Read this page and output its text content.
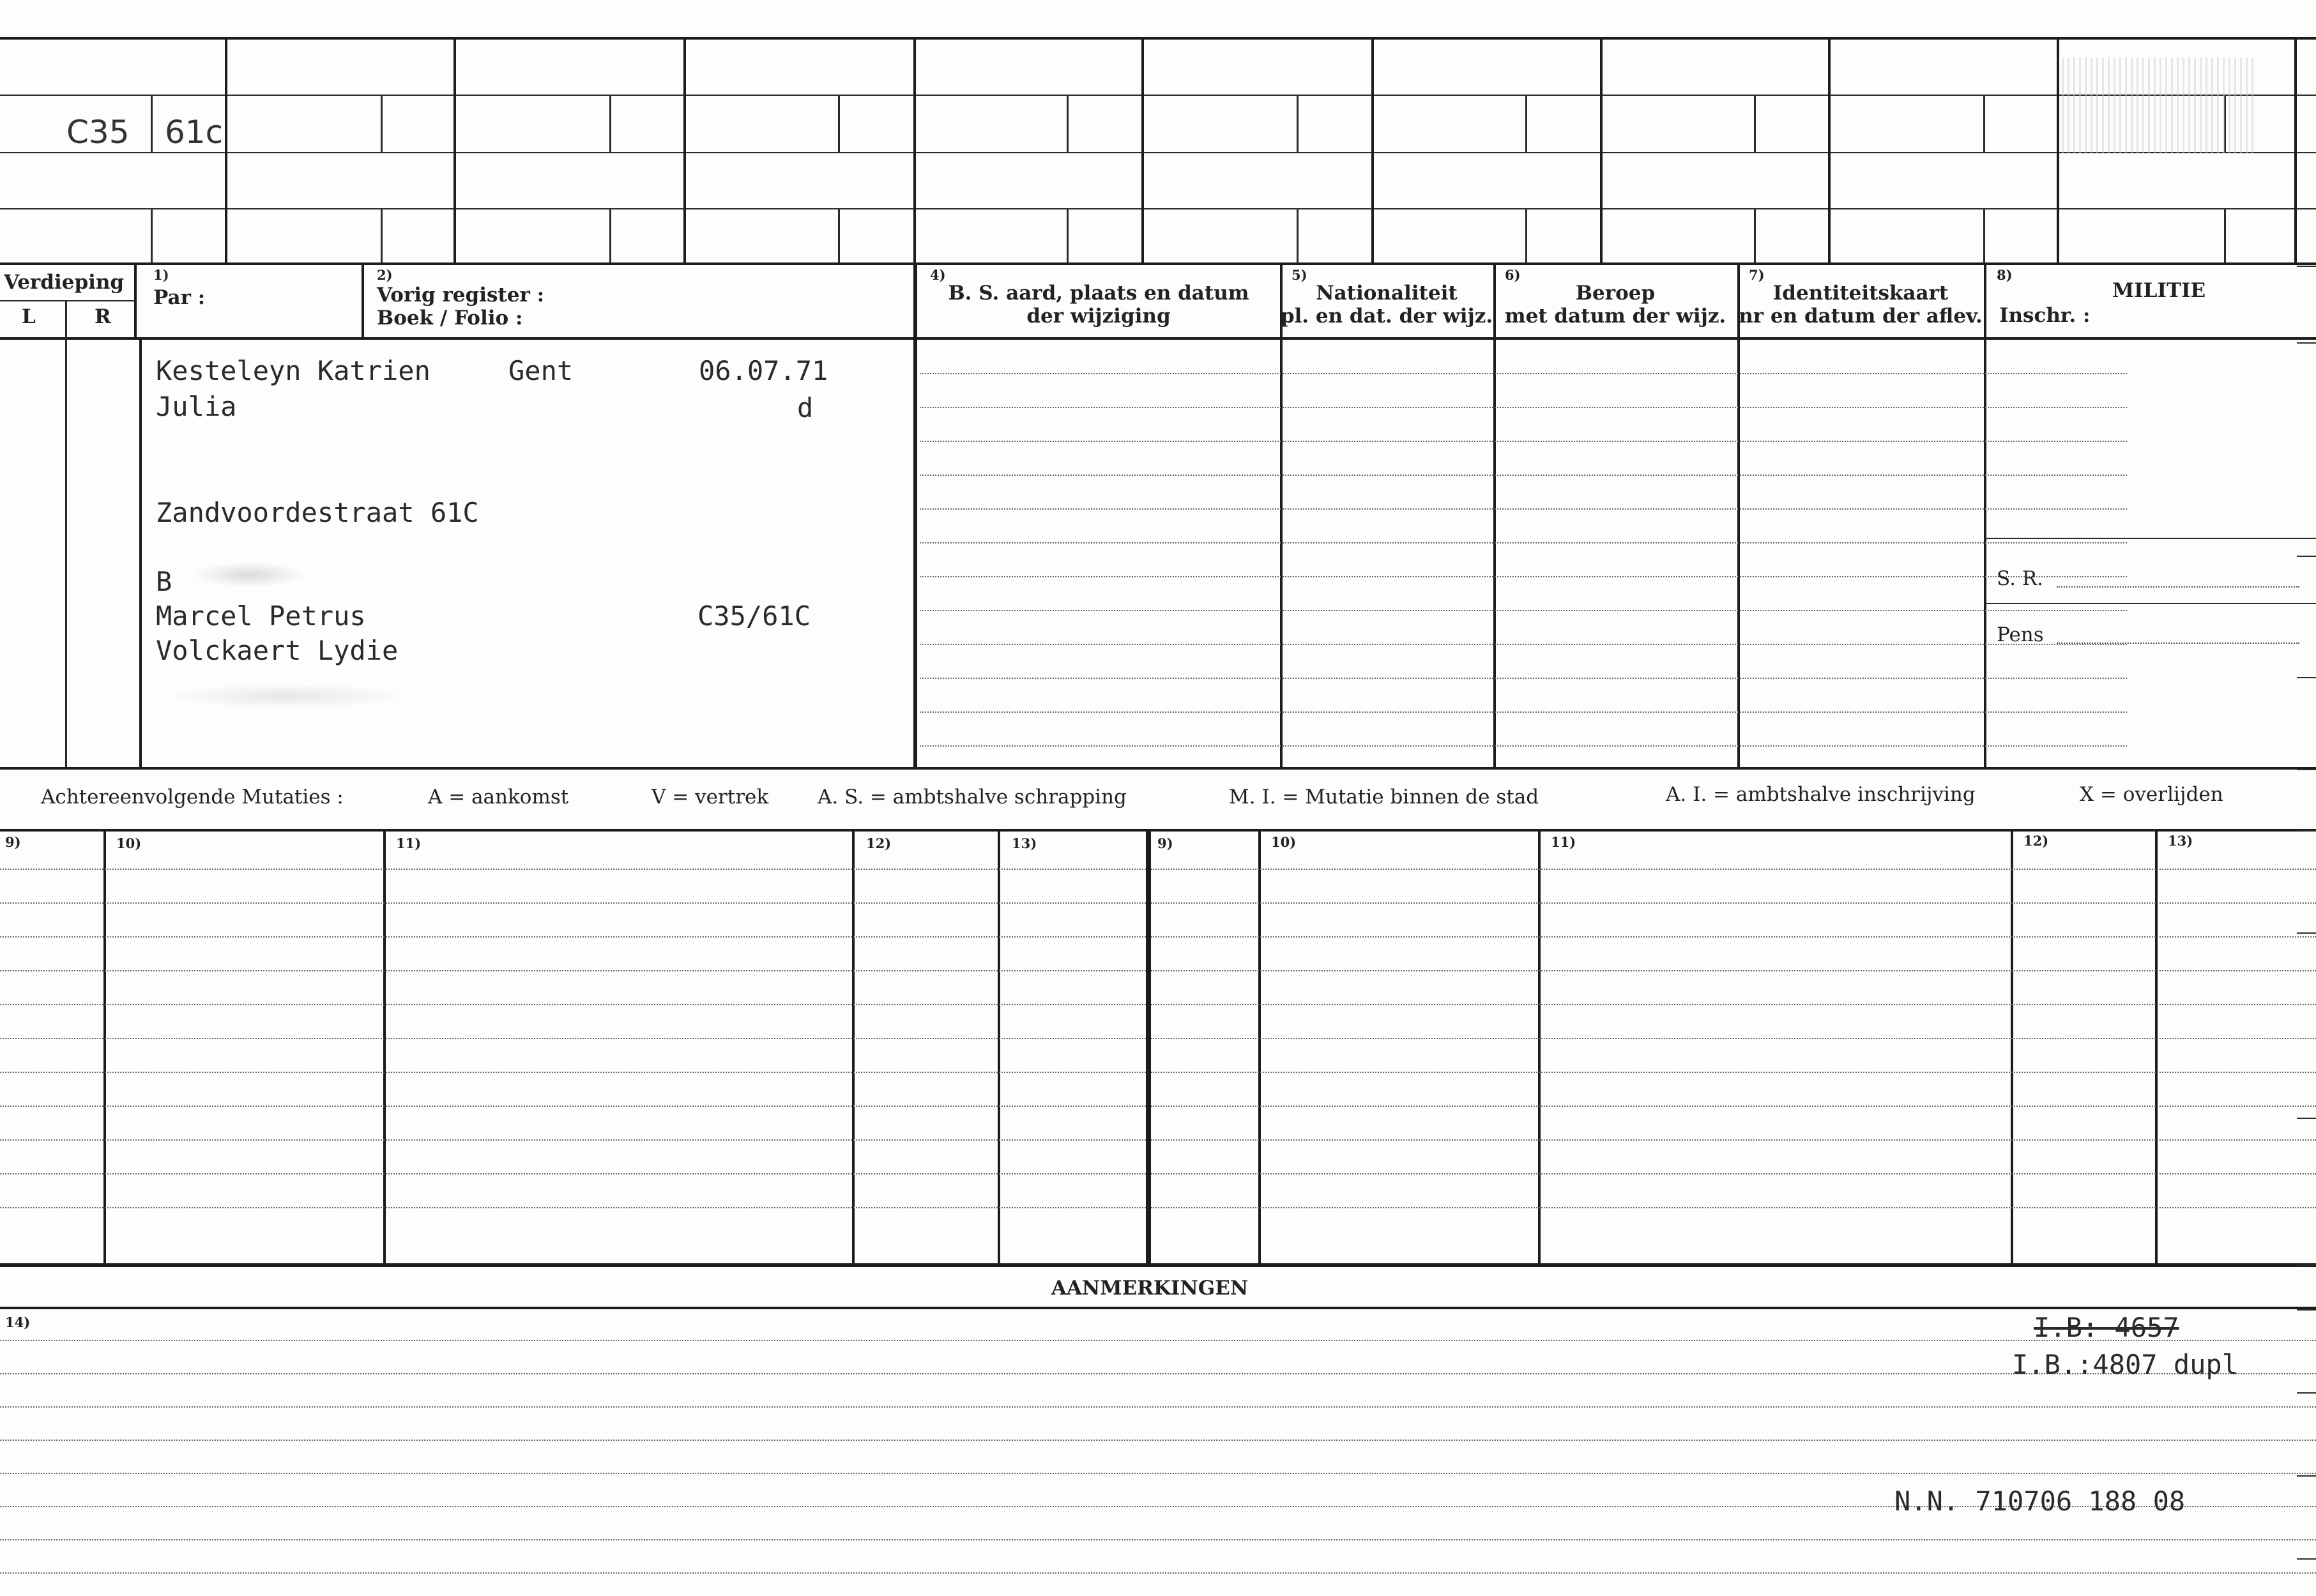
C35 61c
Verdieping
L	R
1)
Par :
2)
Vorig register :
Boek / Folio :
4)
B. S. aard, plaats en datum
der wijziging
5)
Nationaliteit
pl. en dat. der wijz.
6)
Beroep
met datum der wijz.
7)
Identiteitskaart
nr en datum der aflev.
8)
MILITIE
Inschr. :
Kesteleyn Katrien	Gent	06.07.71
Julia	d
Zandvoordestraat 61C
B
Marcel Petrus	C35/61C
Volckaert Lydie
S. R.
Pens
Achtereenvolgende Mutaties :	A = aankomst	V = vertrek A. S. = ambtshalve schrapping	M. I. = Mutatie binnen de stad	A. I. = ambtshalve inschrijving	X = overlijden
9)	10)	11)	12)	13)	9)	10)	11)	12)	13)
AANMERKINGEN
14)	I.B: 4657
I.B.:4807 dupl
N.N. 710706 188 08
